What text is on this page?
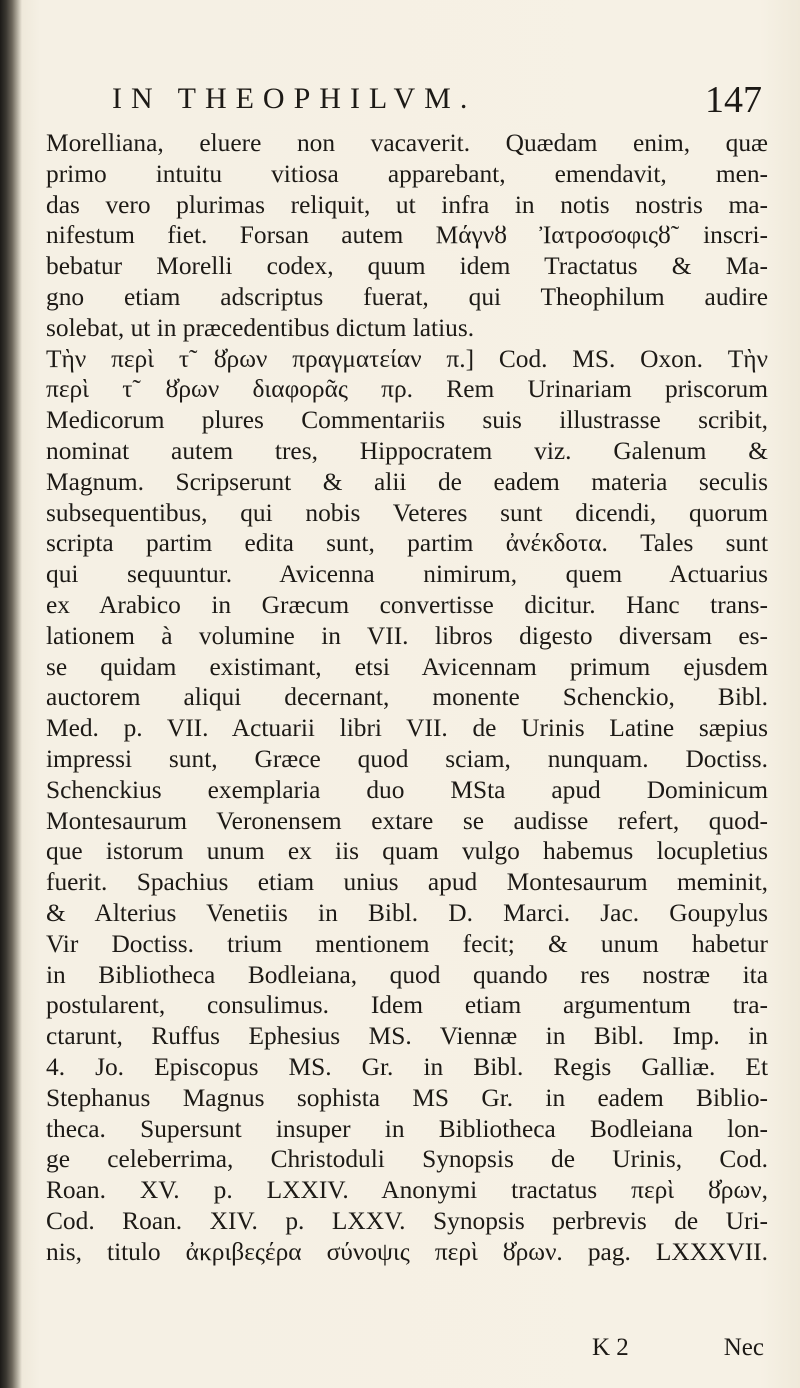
IN THEOPHILVM.	147
Morelliana, eluere non vacaverit. Quædam enim, quæ
primo intuitu vitiosa apparebant, emendavit, men-
das vero plurimas reliquit, ut infra in notis nostris ma-
nifestum fiet. Forsan autem Μάγνȣ Ἰατροσοφιςȣ̃ inscri-
bebatur Morelli codex, quum idem Tractatus & Ma-
gno etiam adscriptus fuerat, qui Theophilum audire
solebat, ut in præcedentibus dictum latius.
Τὴν περὶ τ̃ ȣ̓ρων πραγματείαν π.] Cod. MS. Oxon. Τὴν
περὶ τ̃ ȣ̓ρων διαφορᾶς πρ. Rem Urinariam priscorum
Medicorum plures Commentariis suis illustrasse scribit,
nominat autem tres, Hippocratem viz. Galenum &
Magnum. Scripserunt & alii de eadem materia seculis
subsequentibus, qui nobis Veteres sunt dicendi, quorum
scripta partim edita sunt, partim ἀνέκδοτα. Tales sunt
qui sequuntur. Avicenna nimirum, quem Actuarius
ex Arabico in Græcum convertisse dicitur. Hanc trans-
lationem à volumine in VII. libros digesto diversam es-
se quidam existimant, etsi Avicennam primum ejusdem
auctorem aliqui decernant, monente Schenckio, Bibl.
Med. p. VII. Actuarii libri VII. de Urinis Latine sæpius
impressi sunt, Græce quod sciam, nunquam. Doctiss.
Schenckius exemplaria duo MSta apud Dominicum
Montesaurum Veronensem extare se audisse refert, quod-
que istorum unum ex iis quam vulgo habemus locupletius
fuerit. Spachius etiam unius apud Montesaurum meminit,
& Alterius Venetiis in Bibl. D. Marci. Jac. Goupylus
Vir Doctiss. trium mentionem fecit; & unum habetur
in Bibliotheca Bodleiana, quod quando res nostræ ita
postularent, consulimus. Idem etiam argumentum tra-
ctarunt, Ruffus Ephesius MS. Viennæ in Bibl. Imp. in
4. Jo. Episcopus MS. Gr. in Bibl. Regis Galliæ. Et
Stephanus Magnus sophista MS Gr. in eadem Biblio-
theca. Supersunt insuper in Bibliotheca Bodleiana lon-
ge celeberrima, Christoduli Synopsis de Urinis, Cod.
Roan. XV. p. LXXIV. Anonymi tractatus περὶ ȣ̓ρων,
Cod. Roan. XIV. p. LXXV. Synopsis perbrevis de Uri-
nis, titulo ἀκριβεςέρα σύνοψις περὶ ȣ̓ρων. pag. LXXXVII.
K 2	Nec
